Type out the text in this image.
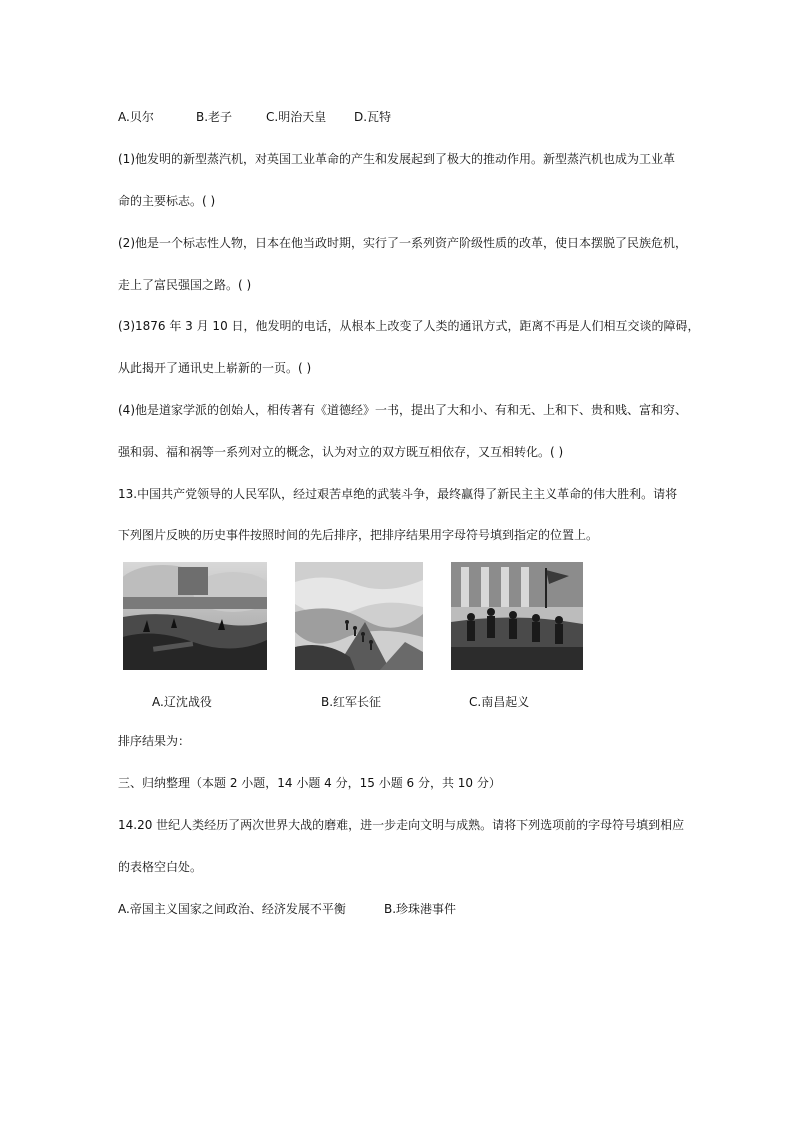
A.贝尔	B.老子	C.明治天皇 D.瓦特
(1)他发明的新型蒸汽机，对英国工业革命的产生和发展起到了极大的推动作用。新型蒸汽机也成为工业革
命的主要标志。( )
(2)他是一个标志性人物，日本在他当政时期，实行了一系列资产阶级性质的改革，使日本摆脱了民族危机，
走上了富民强国之路。( )
(3)1876 年 3 月 10 日，他发明的电话，从根本上改变了人类的通讯方式，距离不再是人们相互交谈的障碍，
从此揭开了通讯史上崭新的一页。( )
(4)他是道家学派的创始人，相传著有《道德经》一书，提出了大和小、有和无、上和下、贵和贱、富和穷、
强和弱、福和祸等一系列对立的概念，认为对立的双方既互相依存，又互相转化。( )
13.中国共产党领导的人民军队，经过艰苦卓绝的武装斗争，最终赢得了新民主主义革命的伟大胜利。请将
下列图片反映的历史事件按照时间的先后排序，把排序结果用字母符号填到指定的位置上。
A.辽沈战役	B.红军长征	C.南昌起义
排序结果为：
三、归纳整理（本题 2 小题，14 小题 4 分，15 小题 6 分，共 10 分）
14.20 世纪人类经历了两次世界大战的磨难，进一步走向文明与成熟。请将下列选项前的字母符号填到相应
的表格空白处。
A.帝国主义国家之间政治、经济发展不平衡	B.珍珠港事件
